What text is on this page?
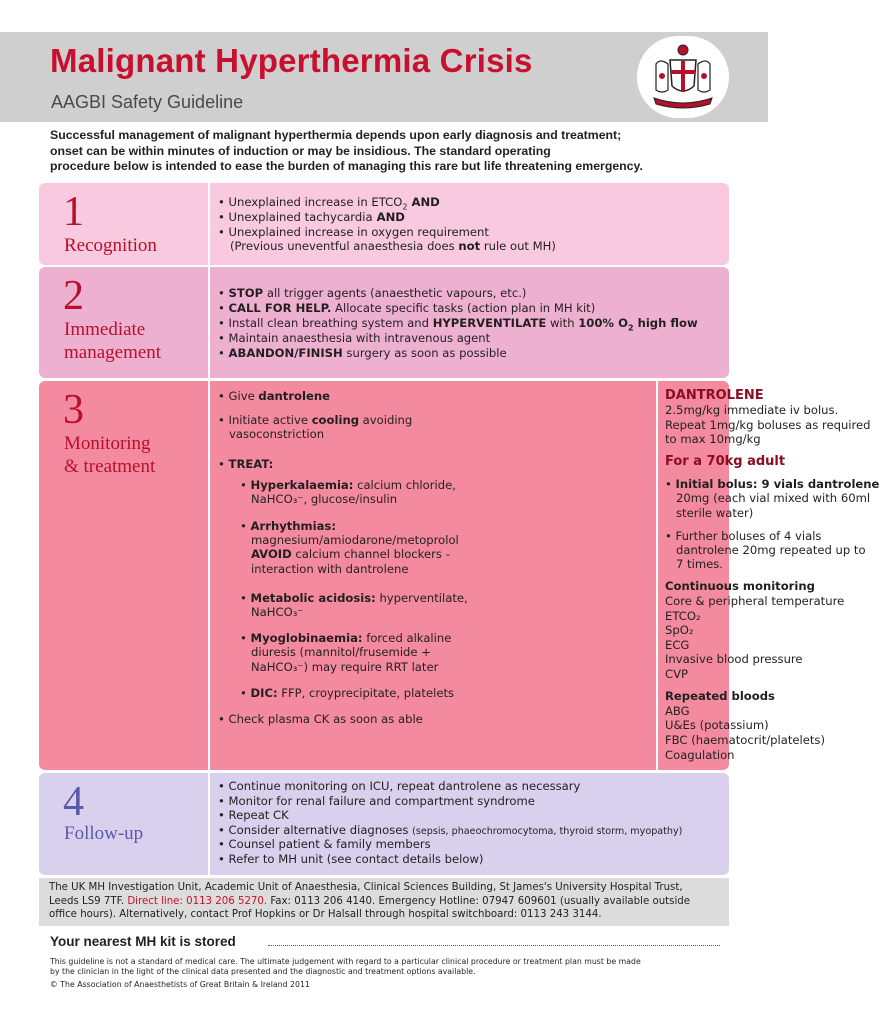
Malignant Hyperthermia Crisis
AAGBI Safety Guideline
Successful management of malignant hyperthermia depends upon early diagnosis and treatment;
onset can be within minutes of induction or may be insidious. The standard operating
procedure below is intended to ease the burden of managing this rare but life threatening emergency.
1
Recognition
• Unexplained increase in $ETCO_2$ AND
• Unexplained tachycardia AND
• Unexplained increase in oxygen requirement
(Previous uneventful anaesthesia does not rule out MH)
2
Immediate
management
• STOP all trigger agents (anaesthetic vapours, etc.)
• CALL FOR HELP. Allocate specific tasks (action plan in MH kit)
• Install clean breathing system and HYPERVENTILATE with 100% $O_2$ high flow
• Maintain anaesthesia with intravenous agent
• ABANDON/FINISH surgery as soon as possible
3
Monitoring
& treatment
• Give dantrolene
• Initiate active cooling avoiding
vasoconstriction
• TREAT:
• Hyperkalaemia: calcium chloride,
NaHCO₃⁻, glucose/insulin
• Arrhythmias:
magnesium/amiodarone/metoprolol
AVOID calcium channel blockers -
interaction with dantrolene
• Metabolic acidosis: hyperventilate,
NaHCO₃⁻
• Myoglobinaemia: forced alkaline
diuresis (mannitol/frusemide +
NaHCO₃⁻) may require RRT later
• DIC: FFP, croyprecipitate, platelets
• Check plasma CK as soon as able
DANTROLENE
2.5mg/kg immediate iv bolus.
Repeat 1mg/kg boluses as required
to max 10mg/kg
For a 70kg adult
• Initial bolus: 9 vials dantrolene
20mg (each vial mixed with 60ml
sterile water)
• Further boluses of 4 vials
dantrolene 20mg repeated up to
7 times.
Continuous monitoring
Core & peripheral temperature
ETCO₂
SpO₂
ECG
Invasive blood pressure
CVP
Repeated bloods
ABG
U&Es (potassium)
FBC (haematocrit/platelets)
Coagulation
4
Follow-up
• Continue monitoring on ICU, repeat dantrolene as necessary
• Monitor for renal failure and compartment syndrome
• Repeat CK
• Consider alternative diagnoses (sepsis, phaeochromocytoma, thyroid storm, myopathy)
• Counsel patient & family members
• Refer to MH unit (see contact details below)
The UK MH Investigation Unit, Academic Unit of Anaesthesia, Clinical Sciences Building, St James's University Hospital Trust,
Leeds LS9 7TF. Direct line: 0113 206 5270. Fax: 0113 206 4140. Emergency Hotline: 07947 609601 (usually available outside
office hours). Alternatively, contact Prof Hopkins or Dr Halsall through hospital switchboard: 0113 243 3144.
Your nearest MH kit is stored
This guideline is not a standard of medical care. The ultimate judgement with regard to a particular clinical procedure or treatment plan must be made
by the clinician in the light of the clinical data presented and the diagnostic and treatment options available.
© The Association of Anaesthetists of Great Britain & Ireland 2011
